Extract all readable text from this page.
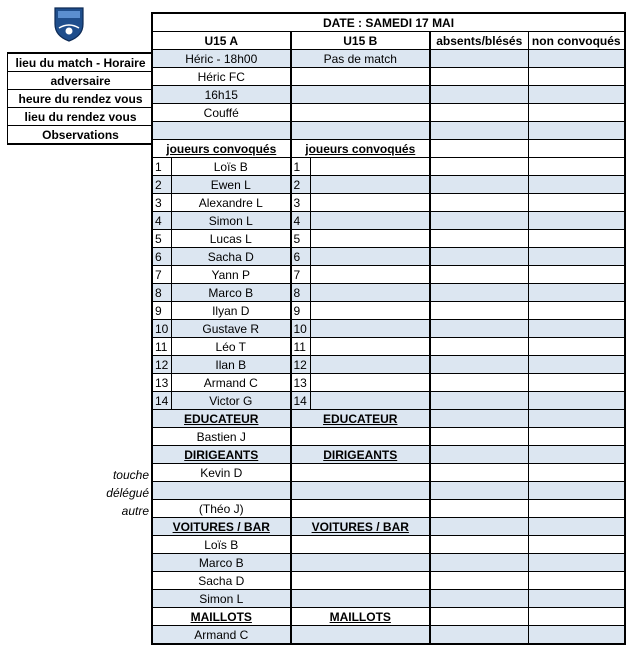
lieu du match - Horaire
adversaire
heure du rendez vous
lieu du rendez vous
Observations
touche
délégué
autre
DATE : SAMEDI 17 MAI					
U15 A		U15 B		absents/blésés	non convoqués
Héric - 18h00		Pas de match			
Héric FC					
16h15					
Couffé					

joueurs convoqués		joueurs convoqués			
1	Loïs B	1			
2	Ewen L	2			
3	Alexandre L	3			
4	Simon L	4			
5	Lucas L	5			
6	Sacha D	6			
7	Yann P	7			
8	Marco B	8			
9	Ilyan D	9			
10	Gustave R	10			
11	Léo T	11			
12	Ilan B	12			
13	Armand C	13			
14	Victor G	14			
EDUCATEUR		EDUCATEUR			
Bastien J					
DIRIGEANTS		DIRIGEANTS			
Kevin D					

(Théo J)					
VOITURES / BAR		VOITURES / BAR			
Loïs B					
Marco B					
Sacha D					
Simon L					
MAILLOTS		MAILLOTS			
Armand C					
